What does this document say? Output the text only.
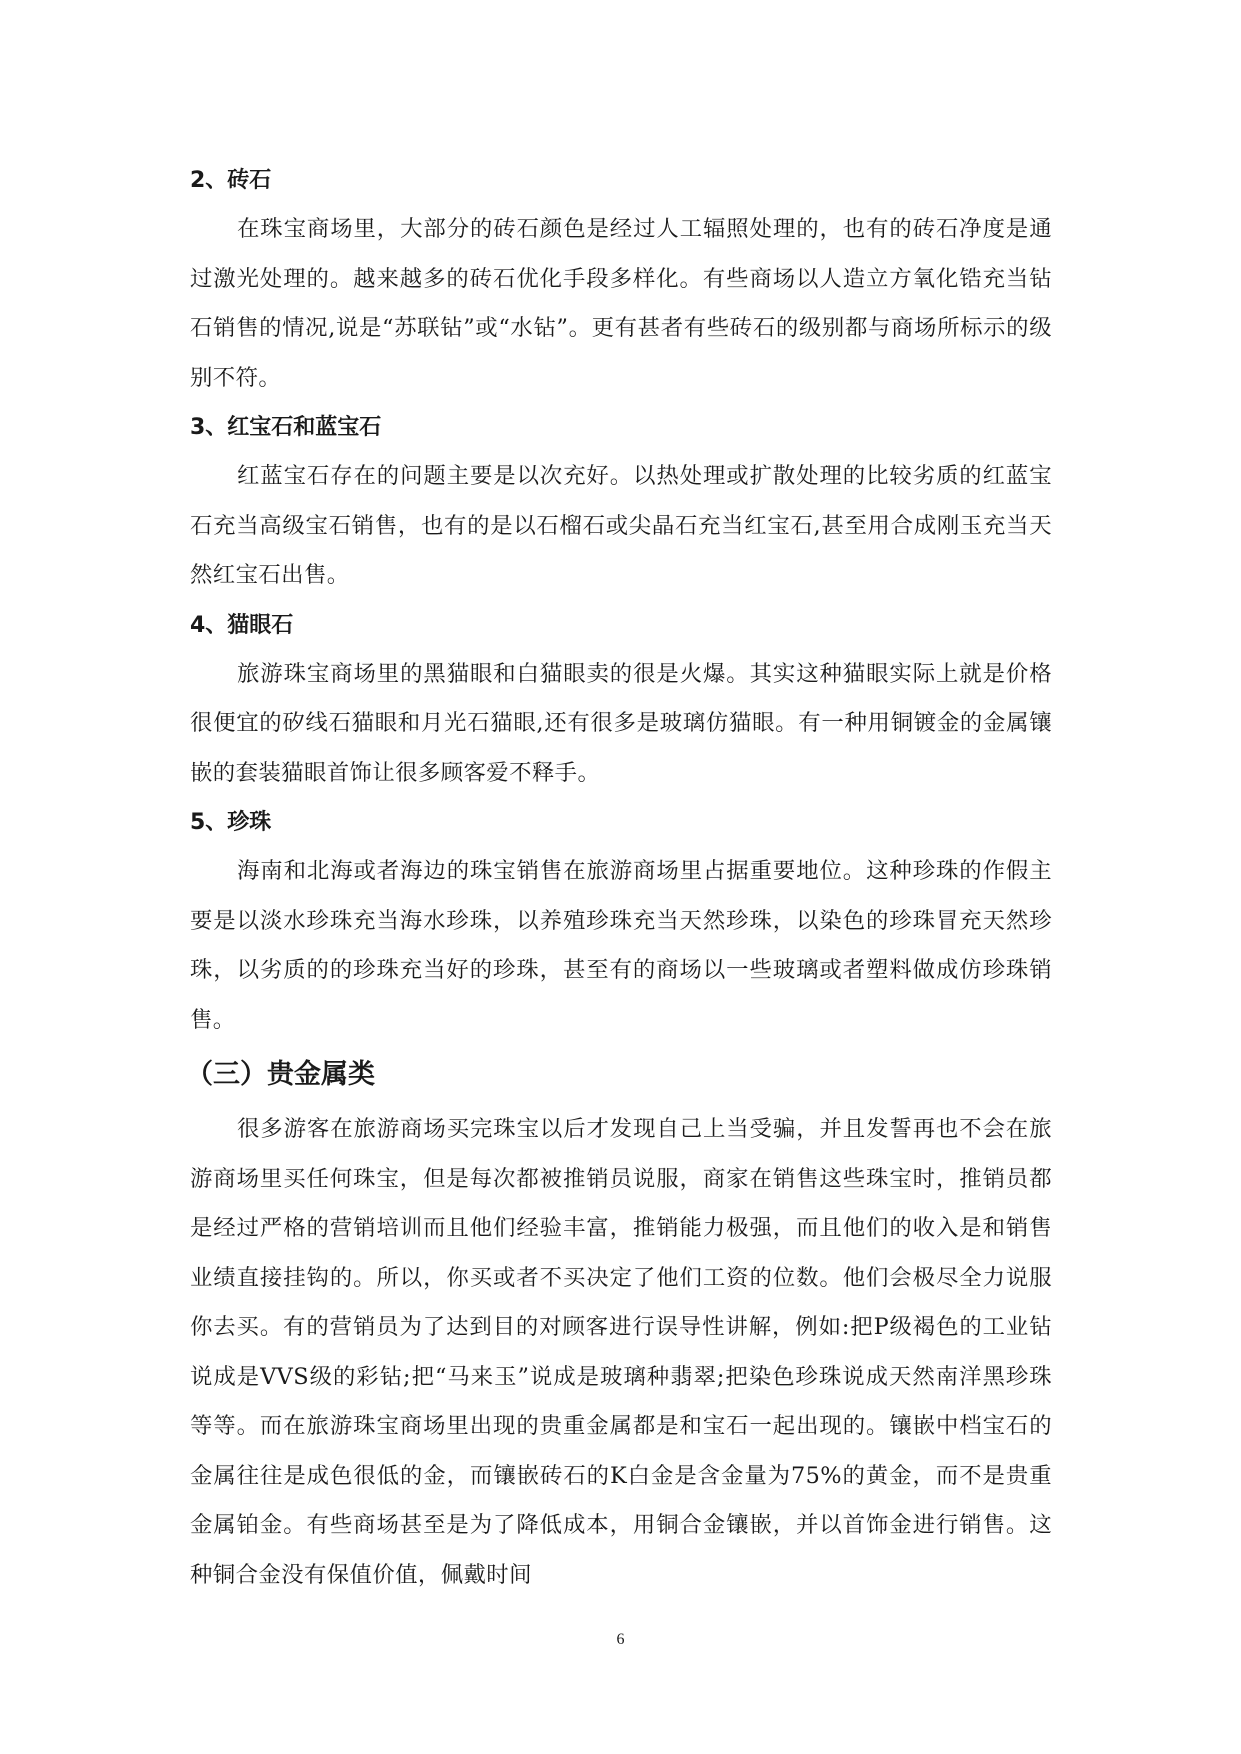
2、砖石

在珠宝商场里，大部分的砖石颜色是经过人工辐照处理的，也有的砖石净度是通过激光处理的。越来越多的砖石优化手段多样化。有些商场以人造立方氧化锆充当钻石销售的情况,说是“苏联钻”或“水钻”。更有甚者有些砖石的级别都与商场所标示的级别不符。

3、红宝石和蓝宝石

红蓝宝石存在的问题主要是以次充好。以热处理或扩散处理的比较劣质的红蓝宝石充当高级宝石销售，也有的是以石榴石或尖晶石充当红宝石,甚至用合成刚玉充当天然红宝石出售。

4、猫眼石

旅游珠宝商场里的黑猫眼和白猫眼卖的很是火爆。其实这种猫眼实际上就是价格很便宜的矽线石猫眼和月光石猫眼,还有很多是玻璃仿猫眼。有一种用铜镀金的金属镶嵌的套装猫眼首饰让很多顾客爱不释手。

5、珍珠

海南和北海或者海边的珠宝销售在旅游商场里占据重要地位。这种珍珠的作假主要是以淡水珍珠充当海水珍珠，以养殖珍珠充当天然珍珠，以染色的珍珠冒充天然珍珠，以劣质的的珍珠充当好的珍珠，甚至有的商场以一些玻璃或者塑料做成仿珍珠销售。

（三）贵金属类

很多游客在旅游商场买完珠宝以后才发现自己上当受骗，并且发誓再也不会在旅游商场里买任何珠宝，但是每次都被推销员说服，商家在销售这些珠宝时，推销员都是经过严格的营销培训而且他们经验丰富，推销能力极强，而且他们的收入是和销售业绩直接挂钩的。所以，你买或者不买决定了他们工资的位数。他们会极尽全力说服你去买。有的营销员为了达到目的对顾客进行误导性讲解，例如:把P级褐色的工业钻说成是VVS级的彩钻;把“马来玉”说成是玻璃种翡翠;把染色珍珠说成天然南洋黑珍珠等等。而在旅游珠宝商场里出现的贵重金属都是和宝石一起出现的。镶嵌中档宝石的金属往往是成色很低的金，而镶嵌砖石的K白金是含金量为75%的黄金，而不是贵重金属铂金。有些商场甚至是为了降低成本，用铜合金镶嵌，并以首饰金进行销售。这种铜合金没有保值价值，佩戴时间

6
